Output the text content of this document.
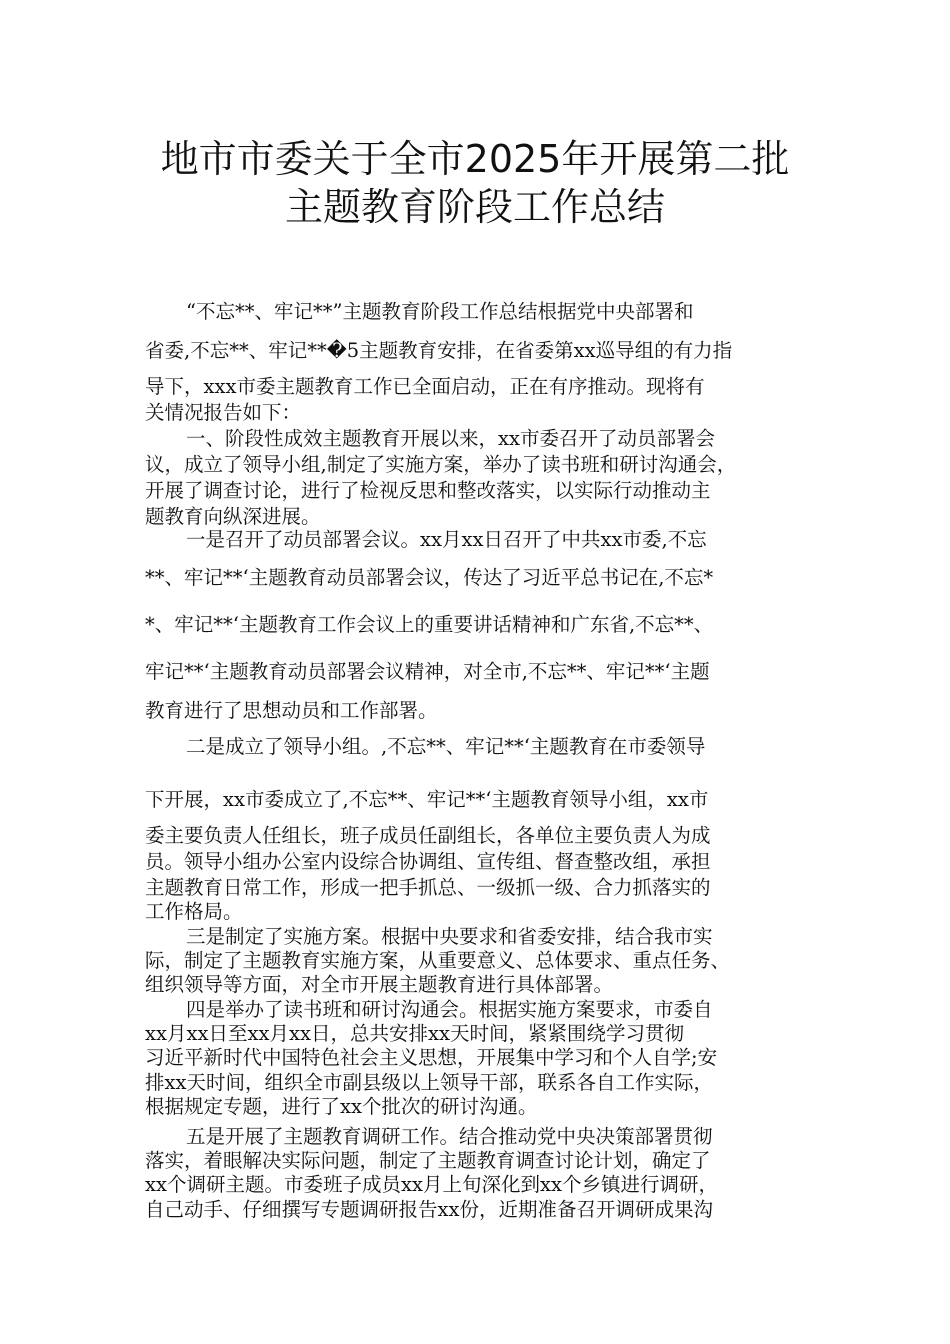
地市市委关于全市2025年开展第二批
主题教育阶段工作总结

“不忘**、牢记**”主题教育阶段工作总结根据党中央部署和

省委,不忘**、牢记**�5主题教育安排，在省委第xx巡导组的有力指

导下，xxx市委主题教育工作已全面启动，正在有序推动。现将有

关情况报告如下：

一、阶段性成效主题教育开展以来，xx市委召开了动员部署会

议，成立了领导小组,制定了实施方案，举办了读书班和研讨沟通会，

开展了调查讨论，进行了检视反思和整改落实，以实际行动推动主

题教育向纵深进展。

一是召开了动员部署会议。xx月xx日召开了中共xx市委,不忘

**、牢记**‘主题教育动员部署会议，传达了习近平总书记在,不忘*

*、牢记**‘主题教育工作会议上的重要讲话精神和广东省,不忘**、

牢记**‘主题教育动员部署会议精神，对全市,不忘**、牢记**‘主题

教育进行了思想动员和工作部署。

二是成立了领导小组。,不忘**、牢记**‘主题教育在市委领导

下开展，xx市委成立了,不忘**、牢记**‘主题教育领导小组，xx市

委主要负责人任组长，班子成员任副组长，各单位主要负责人为成

员。领导小组办公室内设综合协调组、宣传组、督查整改组，承担

主题教育日常工作，形成一把手抓总、一级抓一级、合力抓落实的

工作格局。

三是制定了实施方案。根据中央要求和省委安排，结合我市实

际，制定了主题教育实施方案，从重要意义、总体要求、重点任务、

组织领导等方面，对全市开展主题教育进行具体部署。

四是举办了读书班和研讨沟通会。根据实施方案要求，市委自

xx月xx日至xx月xx日，总共安排xx天时间，紧紧围绕学习贯彻

习近平新时代中国特色社会主义思想，开展集中学习和个人自学;安

排xx天时间，组织全市副县级以上领导干部，联系各自工作实际，

根据规定专题，进行了xx个批次的研讨沟通。

五是开展了主题教育调研工作。结合推动党中央决策部署贯彻

落实，着眼解决实际问题，制定了主题教育调查讨论计划，确定了

xx个调研主题。市委班子成员xx月上旬深化到xx个乡镇进行调研，

自己动手、仔细撰写专题调研报告xx份，近期准备召开调研成果沟
